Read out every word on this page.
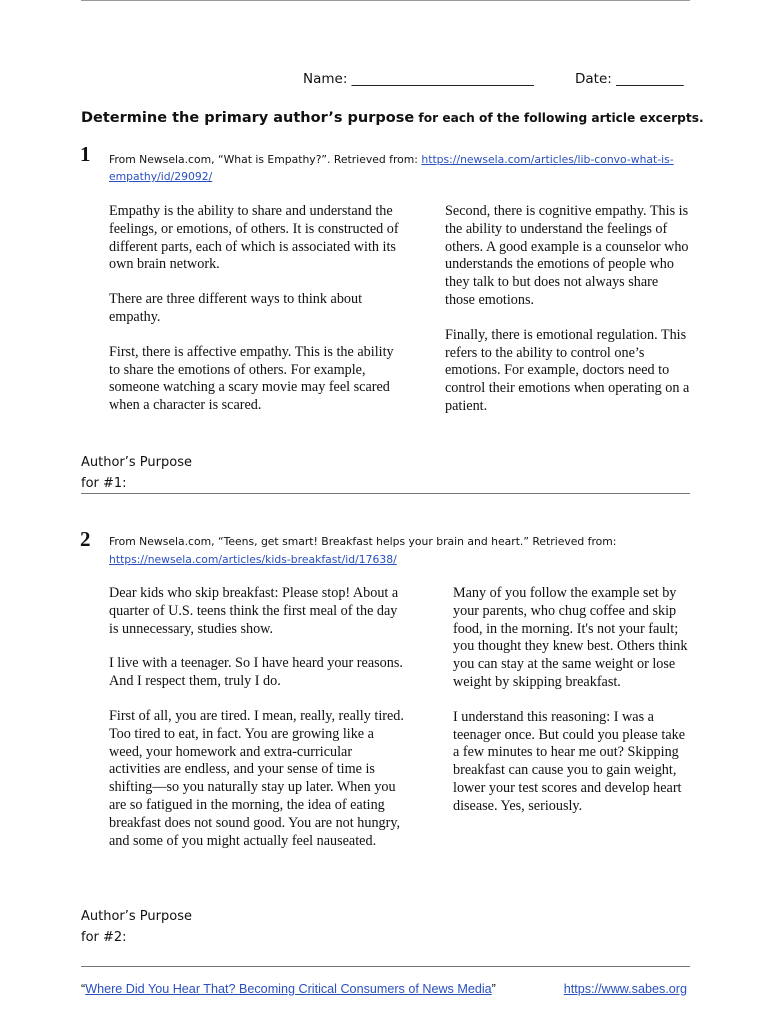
Name: ___________________________	Date: __________
Determine the primary author’s purpose for each of the following article excerpts.
1 From Newsela.com, “What is Empathy?”. Retrieved from: https://newsela.com/articles/lib-convo-what-is-empathy/id/29092/

Empathy is the ability to share and understand the feelings, or emotions, of others. It is constructed of different parts, each of which is associated with its own brain network.

There are three different ways to think about empathy.

First, there is affective empathy. This is the ability to share the emotions of others. For example, someone watching a scary movie may feel scared when a character is scared.

Second, there is cognitive empathy. This is the ability to understand the feelings of others. A good example is a counselor who understands the emotions of people who they talk to but does not always share those emotions.

Finally, there is emotional regulation. This refers to the ability to control one’s emotions. For example, doctors need to control their emotions when operating on a patient.

Author’s Purpose
for #1:
2 From Newsela.com, “Teens, get smart! Breakfast helps your brain and heart.” Retrieved from: https://newsela.com/articles/kids-breakfast/id/17638/

Dear kids who skip breakfast: Please stop! About a quarter of U.S. teens think the first meal of the day is unnecessary, studies show.

I live with a teenager. So I have heard your reasons. And I respect them, truly I do.

First of all, you are tired. I mean, really, really tired. Too tired to eat, in fact. You are growing like a weed, your homework and extra-curricular activities are endless, and your sense of time is shifting—so you naturally stay up later. When you are so fatigued in the morning, the idea of eating breakfast does not sound good. You are not hungry, and some of you might actually feel nauseated.

Many of you follow the example set by your parents, who chug coffee and skip food, in the morning. It's not your fault; you thought they knew best. Others think you can stay at the same weight or lose weight by skipping breakfast.

I understand this reasoning: I was a teenager once. But could you please take a few minutes to hear me out? Skipping breakfast can cause you to gain weight, lower your test scores and develop heart disease. Yes, seriously.

Author’s Purpose
for #2:
“Where Did You Hear That? Becoming Critical Consumers of News Media”	https://www.sabes.org
